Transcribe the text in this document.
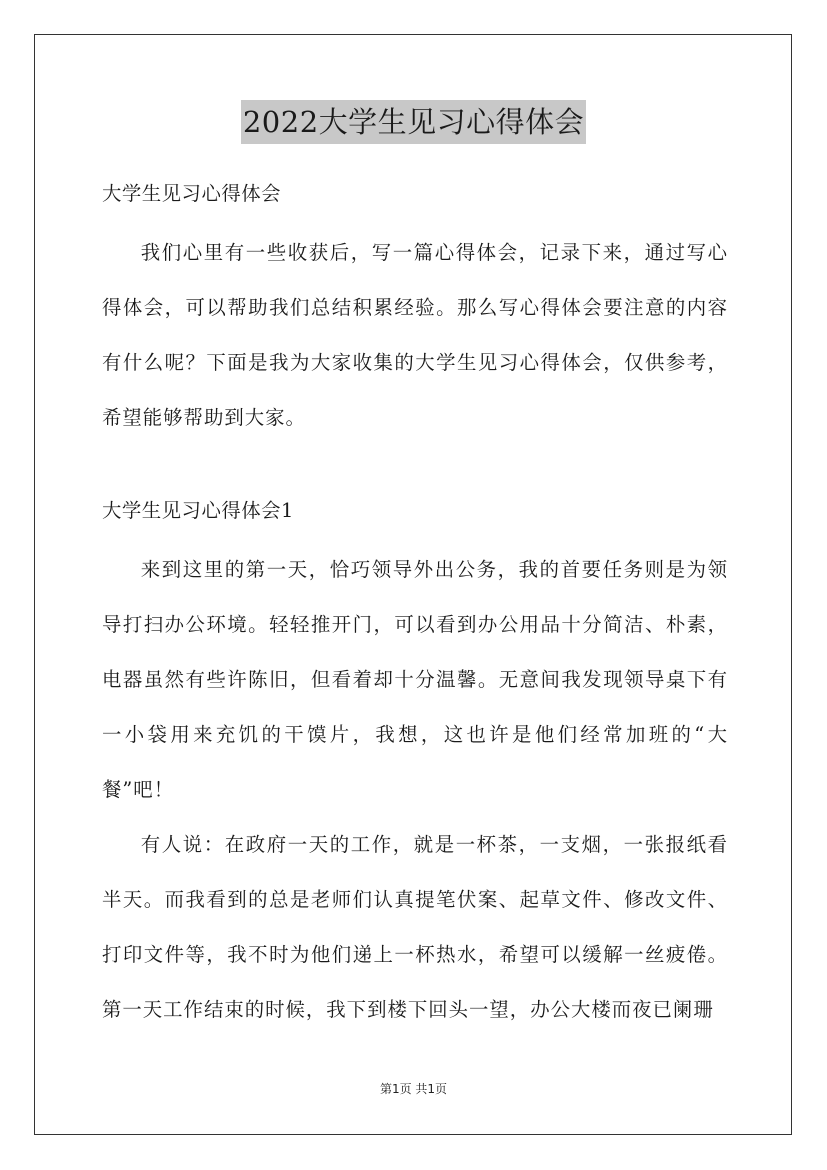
2022大学生见习心得体会

大学生见习心得体会

我们心里有一些收获后，写一篇心得体会，记录下来，通过写心得体会，可以帮助我们总结积累经验。那么写心得体会要注意的内容有什么呢？下面是我为大家收集的大学生见习心得体会，仅供参考，希望能够帮助到大家。

大学生见习心得体会1

来到这里的第一天，恰巧领导外出公务，我的首要任务则是为领导打扫办公环境。轻轻推开门，可以看到办公用品十分简洁、朴素，电器虽然有些许陈旧，但看着却十分温馨。无意间我发现领导桌下有一小袋用来充饥的干馍片，我想，这也许是他们经常加班的“大餐”吧！

有人说：在政府一天的工作，就是一杯茶，一支烟，一张报纸看半天。而我看到的总是老师们认真提笔伏案、起草文件、修改文件、打印文件等，我不时为他们递上一杯热水，希望可以缓解一丝疲倦。第一天工作结束的时候，我下到楼下回头一望，办公大楼而夜已阑珊

第1页 共1页
